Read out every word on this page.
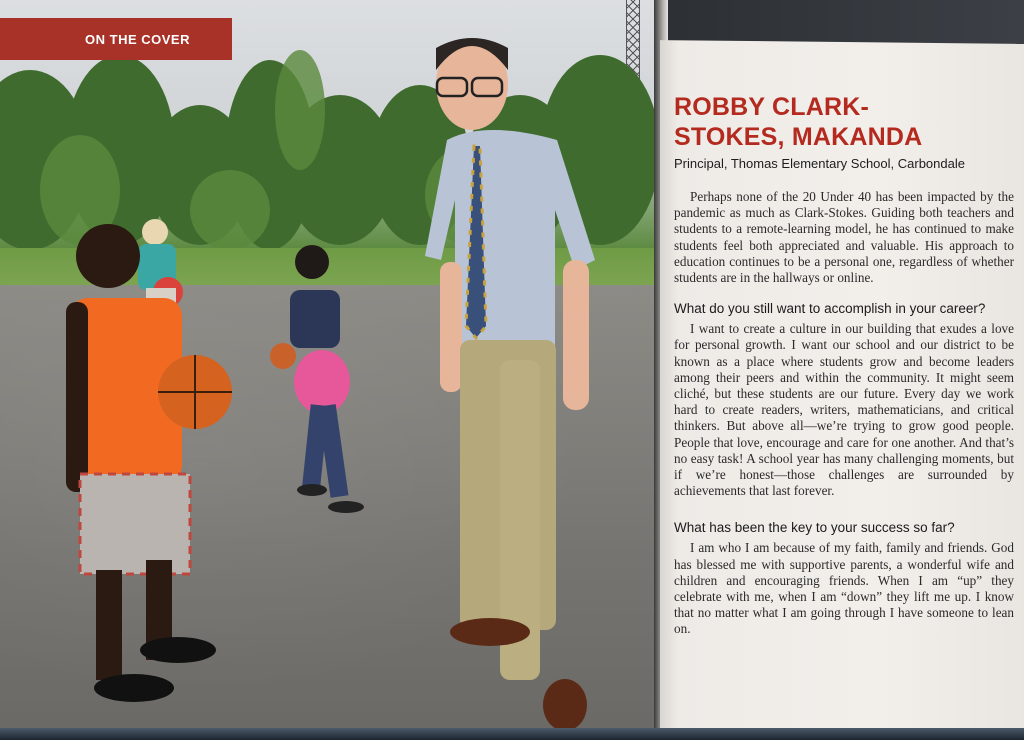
ON THE COVER
ROBBY CLARK-
STOKES, MAKANDA
Principal, Thomas Elementary School, Carbondale

Perhaps none of the 20 Under 40 has been impacted by the pandemic as much as Clark-Stokes. Guiding both teachers and students to a remote-learning model, he has continued to make students feel both appreciated and valuable. His approach to education continues to be a personal one, regardless of whether students are in the hallways or online.

What do you still want to accomplish in your career?

I want to create a culture in our building that exudes a love for personal growth. I want our school and our district to be known as a place where students grow and become leaders among their peers and within the community. It might seem cliché, but these students are our future. Every day we work hard to create readers, writers, mathematicians, and critical thinkers. But above all—we’re trying to grow good people. People that love, encourage and care for one another. And that’s no easy task! A school year has many challenging moments, but if we’re honest—those challenges are surrounded by achievements that last forever.

What has been the key to your success so far?

I am who I am because of my faith, family and friends. God has blessed me with supportive parents, a wonderful wife and children and encouraging friends. When I am “up” they celebrate with me, when I am “down” they lift me up. I know that no matter what I am going through I have someone to lean on.
